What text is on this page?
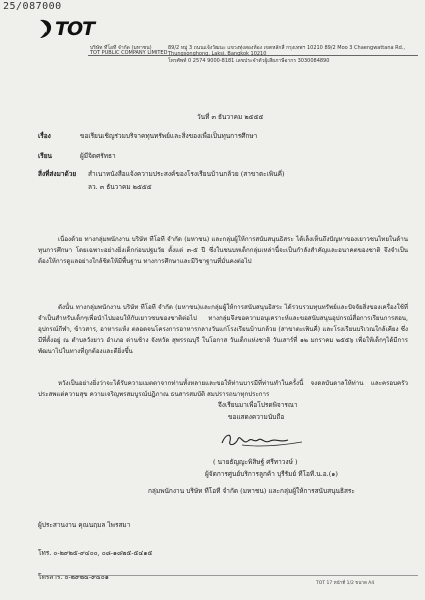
25/087000
TOT
บริษัท ทีโอที จำกัด (มหาชน)
TOT PUBLIC COMPANY LIMITED
89/2 หมู่ 3 ถนนแจ้งวัฒนะ แขวงทุ่งสองห้อง เขตหลักสี่ กรุงเทพฯ 10210 89/2 Moo 3 Chaengwattana Rd., Thungsonghong, Laksi, Bangkok 10210
โทรศัพท์ 0 2574 9000-8181 เลขประจำตัวผู้เสียภาษีอากร 3030084890
วันที่ ๓ ธันวาคม ๒๕๕๕
เรื่อง	ขอเรียนเชิญร่วมบริจาคทุนทรัพย์และสิ่งของเพื่อเป็นทุนการศึกษา
เรียน	ผู้มีจิตศรัทธา
สิ่งที่ส่งมาด้วย สำเนาหนังสือแจ้งความประสงค์ของโรงเรียนบ้านกล้วย (สาขาตะเพินคี่)
ลว. ๓ ธันวาคม ๒๕๕๕
เนื่องด้วย ทางกลุ่มพนักงาน บริษัท ทีโอที จำกัด (มหาชน) และกลุ่มผู้ให้การสนับสนุนธิสระ ได้เล็งเห็นถึงปัญหาของเยาวชนไทยในด้านทุนการศึกษา โดยเฉพาะอย่างยิ่งเด็กก่อนปฐมวัย ตั้งแต่ ๓-๕ ปี ซึ่งในชนบทเด็กกลุ่มเหล่านี้จะเป็นกำลังสำคัญและอนาคตของชาติ จึงจำเป็นต้องให้การดูแลอย่างใกล้ชิดให้มีพื้นฐาน ทางการศึกษาและมีวิชาฐานที่มั่นคงต่อไป
ดังนั้น ทางกลุ่มพนักงาน บริษัท ทีโอที จำกัด (มหาชน)และกลุ่มผู้ให้การสนับสนุนธิสระ ได้รวบรวมทุนทรัพย์และปัจจัยสิ่งของเครื่องใช้ที่จำเป็นสำหรับเด็กๆเพื่อนำไปมอบให้กับเยาวชนของชาติต่อไป ทางกลุ่มจึงขอความอนุเคราะห์และขอสนับสนุนอุปกรณ์สื่อการเรียนการสอน, อุปกรณ์กีฬา, ข้าวสาร, อาหารแห้ง ตลอดจนโครงการอาหารกลางวันแก่โรงเรียนบ้านกล้วย (สาขาตะเพินคี่) และโรงเรียนบริเวณใกล้เคียง ซึ่งมีที่ตั้งอยู่ ณ ตำบลวังยาว อำเภอ ด่านช้าง จังหวัด สุพรรณบุรี ในโอกาส วันเด็กแห่งชาติ วันเสาร์ที่ ๑๒ มกราคม ๒๕๕๖ เพื่อให้เด็กๆได้มีการพัฒนาไปในทางที่ถูกต้องและดียิ่งขึ้น
หวังเป็นอย่างยิ่งว่าจะได้รับความเมตตาจากท่านทั้งหลายและขอให้ท่านบารมีที่ท่านทำในครั้งนี้ จงดลบันดาลให้ท่าน และครอบครัวประสพแต่ความสุข ความเจริญพรสมบูรณ์ปฏิภาณ ธนสารสมบัติ สมปรารถนาทุกประการ
จึงเรียนมาเพื่อโปรดพิจารณา
ขอแสดงความนับถือ
( นายธัญญะพิสิษฐ์ ศรีทาวงษ์ )
ผู้จัดการศูนย์บริการลูกค้า บุรีรัมย์ ทีโอที.น.อ.(๑)
กลุ่มพนักงาน บริษัท ทีโอที จำกัด (มหาชน) และกลุ่มผู้ให้การสนับสนุนธิสระ
ผู้ประสานงาน คุณนฤมล ไพรสมา
โทร. ๐-๒๙๒๕-๙๔๐๐, ๐๘-๑๘๒๕-๕๔๑๕
โทรสาร. ๐-๒๙๒๕-๙๔๐๑
TOT 17 หน้าที่ 1/2 ขนาด A4
